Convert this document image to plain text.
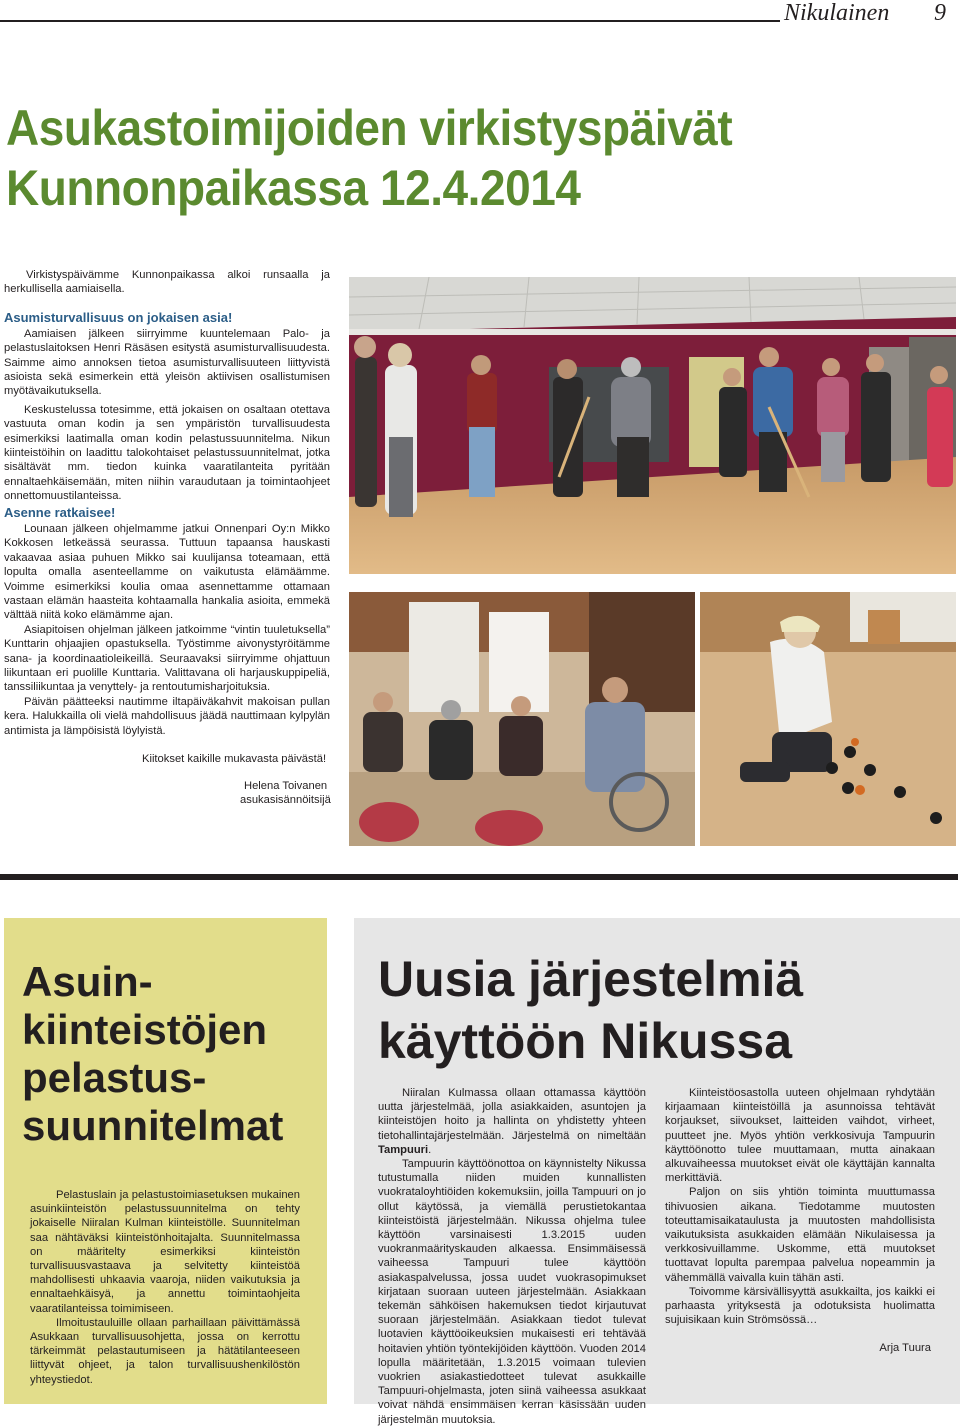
Nikulainen 9
Asukastoimijoiden virkistyspäivät
Kunnonpaikassa 12.4.2014

Virkistyspäivämme Kunnonpaikassa alkoi runsaalla ja herkullisella aamiaisella.

Asumisturvallisuus on jokaisen asia!

Aamiaisen jälkeen siirryimme kuuntelemaan Palo- ja pelastuslaitoksen Henri Räsäsen esitystä asumisturvallisuudesta. Saimme aimo annoksen tietoa asumisturvallisuuteen liittyvistä asioista sekä esimerkein että yleisön aktiivisen osallistumisen myötävaikutuksella.

Keskustelussa totesimme, että jokaisen on osaltaan otettava vastuuta oman kodin ja sen ympäristön turvallisuudesta esimerkiksi laatimalla oman kodin pelastussuunnitelma. Nikun kiinteistöihin on laadittu talokohtaiset pelastussuunnitelmat, jotka sisältävät mm. tiedon kuinka vaaratilanteita pyritään ennaltaehkäisemään, miten niihin varaudutaan ja toimintaohjeet onnettomuustilanteissa.

Asenne ratkaisee!

Lounaan jälkeen ohjelmamme jatkui Onnenpari Oy:n Mikko Kokkosen letkeässä seurassa. Tuttuun tapaansa hauskasti vakaavaa asiaa puhuen Mikko sai kuulijansa toteamaan, että lopulta omalla asenteellamme on vaikutusta elämäämme. Voimme esimerkiksi koulia omaa asennettamme ottamaan vastaan elämän haasteita kohtaamalla hankalia asioita, emmekä välttää niitä koko elämämme ajan.

Asiapitoisen ohjelman jälkeen jatkoimme “vintin tuuletuksella” Kunttarin ohjaajien opastuksella. Työstimme aivonystyröitämme sana- ja koordinaatioleikeillä. Seuraavaksi siirryimme ohjattuun liikuntaan eri puolille Kunttaria. Valittavana oli harjauskuppipeliä, tanssiliikuntaa ja venyttely- ja rentoutumisharjoituksia.

Päivän päätteeksi nautimme iltapäiväkahvit makoisan pullan kera. Halukkailla oli vielä mahdollisuus jäädä nauttimaan kylpylän antimista ja lämpöisistä löylyistä.

Kiitokset kaikille mukavasta päivästä!

Helena Toivanen

asukasisännöitsijä

Asuin-
kiinteistöjen
pelastus-
suunnitelmat

Pelastuslain ja pelastustoimiasetuksen mukainen asuinkiinteistön pelastussuunnitelma on tehty jokaiselle Niiralan Kulman kiinteistölle. Suunnitelman saa nähtäväksi kiinteistönhoitajalta. Suunnitelmassa on määritelty esimerkiksi kiinteistön turvallisuusvastaava ja selvitetty kiinteistöä mahdollisesti uhkaavia vaaroja, niiden vaikutuksia ja ennaltaehkäisyä, ja annettu toimintaohjeita vaaratilanteissa toimimiseen.

Ilmoitustauluille ollaan parhaillaan päivittämässä Asukkaan turvallisuusohjetta, jossa on kerrottu tärkeimmät pelastautumiseen ja hätätilanteeseen liittyvät ohjeet, ja talon turvallisuushenkilöstön yhteystiedot.

Uusia järjestelmiä
käyttöön Nikussa

Niiralan Kulmassa ollaan ottamassa käyttöön uutta järjestelmää, jolla asiakkaiden, asuntojen ja kiinteistöjen hoito ja hallinta on yhdistetty yhteen tietohallintajärjestelmään. Järjestelmä on nimeltään Tampuuri.

Tampuurin käyttöönottoa on käynnistelty Nikussa tutustumalla niiden muiden kunnallisten vuokrataloyhtiöiden kokemuksiin, joilla Tampuuri on jo ollut käytössä, ja viemällä perustietokantaa kiinteistöistä järjestelmään. Nikussa ohjelma tulee käyttöön varsinaisesti 1.3.2015 uuden vuokranmaärityskauden alkaessa. Ensimmäisessä vaiheessa Tampuuri tulee käyttöön asiakaspalvelussa, jossa uudet vuokrasopimukset kirjataan suoraan uuteen järjestelmään. Asiakkaan tekemän sähköisen hakemuksen tiedot kirjautuvat suoraan järjestelmään. Asiakkaan tiedot tulevat luotavien käyttöoikeuksien mukaisesti eri tehtävää hoitavien yhtiön työntekijöiden käyttöön. Vuoden 2014 lopulla määritetään, 1.3.2015 voimaan tulevien vuokrien asiakastiedotteet tulevat asukkaille Tampuuri-ohjelmasta, joten siinä vaiheessa asukkaat voivat nähdä ensimmäisen kerran käsissään uuden järjestelmän muutoksia.

Kiinteistöosastolla uuteen ohjelmaan ryhdytään kirjaamaan kiinteistöillä ja asunnoissa tehtävät korjaukset, siivoukset, laitteiden vaihdot, virheet, puutteet jne. Myös yhtiön verkkosivuja Tampuurin käyttöönotto tulee muuttamaan, mutta ainakaan alkuvaiheessa muutokset eivät ole käyttäjän kannalta merkittäviä.

Paljon on siis yhtiön toiminta muuttumassa tihivuosien aikana. Tiedotamme muutosten toteuttamisaikataulusta ja muutosten mahdollisista vaikutuksista asukkaiden elämään Nikulaisessa ja verkkosivuillamme. Uskomme, että muutokset tuottavat lopulta parempaa palvelua nopeammin ja vähemmällä vaivalla kuin tähän asti.

Toivomme kärsivällisyyttä asukkailta, jos kaikki ei parhaasta yrityksestä ja odotuksista huolimatta sujuisikaan kuin Strömsössä…

Arja Tuura
